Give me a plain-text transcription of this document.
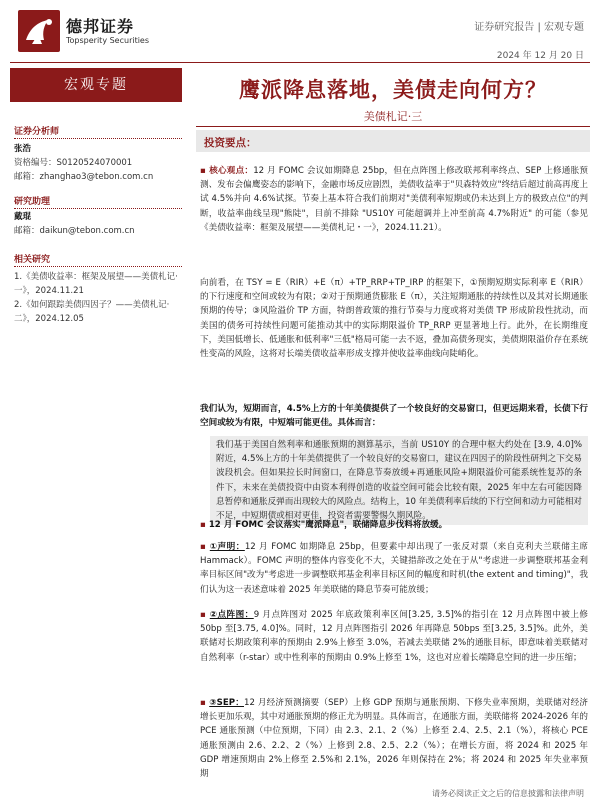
德邦证券
Topsperity Securities
证券研究报告 | 宏观专题
2024 年 12 月 20 日
宏观专题
证券分析师
张浩
资格编号：S0120524070001
邮箱：zhanghao3@tebon.com.cn
研究助理
戴琨
邮箱：daikun@tebon.com.cn
相关研究
1.《美债收益率：框架及展望——美债札记·一》，2024.11.21
2.《如何跟踪美债四因子？——美债札记·二》，2024.12.05
鹰派降息落地，美债走向何方？
美债札记·三
投资要点：
▪ 核心观点：12 月 FOMC 会议如期降息 25bp，但在点阵图上修改联邦利率终点、SEP 上修通胀预测、发布会偏鹰姿态的影响下，金融市场反应剧烈，美债收益率于"贝森特效应"终结后超过前高再度上试 4.5%并向 4.6%试探。节奏上基本符合我们前期对"美债利率短期或仍未达到上方的极致点位"的判断，收益率曲线呈现"熊陡"，目前不排除 "US10Y 可能超调并上冲至前高 4.7%附近" 的可能（参见《美债收益率：框架及展望——美债札记・一》，2024.11.21）。
向前看，在 TSY = E（RIR）+E（π）+TP_RRP+TP_IRP 的框架下，①预期短期实际利率 E（RIR）的下行速度和空间或较为有限；②对于预期通货膨胀 E（π），关注短期通胀的持续性以及其对长期通胀预期的传导；③风险溢价 TP 方面，特朗普政策的推行节奏与力度或将对美债 TP 形成阶段性扰动，而美国的债务可持续性问题可能推动其中的实际期限溢价 TP_RRP 更显著地上行。此外，在长期维度下，美国低增长、低通胀和低利率"三低"格局可能一去不返，叠加高债务现实，美债期限溢价存在系统性变高的风险，这将对长端美债收益率形成支撑并使收益率曲线向陡峭化。
我们认为，短期而言，4.5%上方的十年美债提供了一个较良好的交易窗口，但更远期来看，长债下行空间或较为有限，中短端可能更佳。具体而言：
我们基于美国自然利率和通胀预期的测算基示，当前 US10Y 的合理中枢大约处在 [3.9, 4.0]%附近，4.5%上方的十年美债提供了一个较良好的交易窗口，建议在四因子的阶段性研判之下交易波段机会。但如果拉长时间窗口，在降息节奏放缓+再通胀风险+期限溢价可能系统性复苏的条件下，未来在美债投资中由资本利得创造的收益空间可能会比较有限，2025 年中左右可能因降息暂停和通胀反弹而出现较大的风险点。结构上，10 年美债利率后续的下行空间和动力可能相对不足，中短期债或相对更佳，投资者需要警惕久期风险。
▪ 12 月 FOMC 会议落实"鹰派降息"，联储降息步伐料将放缓。
▪ ①声明：12 月 FOMC 如期降息 25bp，但要素中却出现了一张反对票（来自克利夫兰联储主席 Hammack）。FOMC 声明的整体内容变化不大，关键措辞改之处在于从"考虑进一步调整联邦基金利率目标区间"改为"考虑进一步调整联邦基金利率目标区间的幅度和时机(the extent and timing)"，我们认为这一表述意味着 2025 年美联储的降息节奏可能放缓；
▪ ②点阵图：9 月点阵图对 2025 年底政策利率区间[3.25, 3.5]%的指引在 12 月点阵图中被上修 50bp 至[3.75, 4.0]%。同时，12 月点阵图指引 2026 年再降息 50bps 至[3.25, 3.5]%。此外，美联储对长期政策利率的预期由 2.9%上修至 3.0%，若减去美联储 2%的通胀目标，即意味着美联储对自然利率（r-star）或中性利率的预期由 0.9%上修至 1%，这也对应着长端降息空间的进一步压缩；
▪ ③SEP：12 月经济预测摘要（SEP）上修 GDP 预期与通胀预期、下修失业率预期，美联储对经济增长更加乐观，其中对通胀预期的修正尤为明显。具体而言，在通胀方面，美联储将 2024-2026 年的 PCE 通胀预测（中位预期，下同）由 2.3、2.1、2（%）上修至 2.4、2.5、2.1（%），将核心 PCE 通胀预测由 2.6、2.2、2（%）上修到 2.8、2.5、2.2（%）；在增长方面，将 2024 和 2025 年 GDP 增速预期由 2%上修至 2.5%和 2.1%，2026 年则保持在 2%；将 2024 和 2025 年失业率预期
请务必阅读正文之后的信息披露和法律声明
